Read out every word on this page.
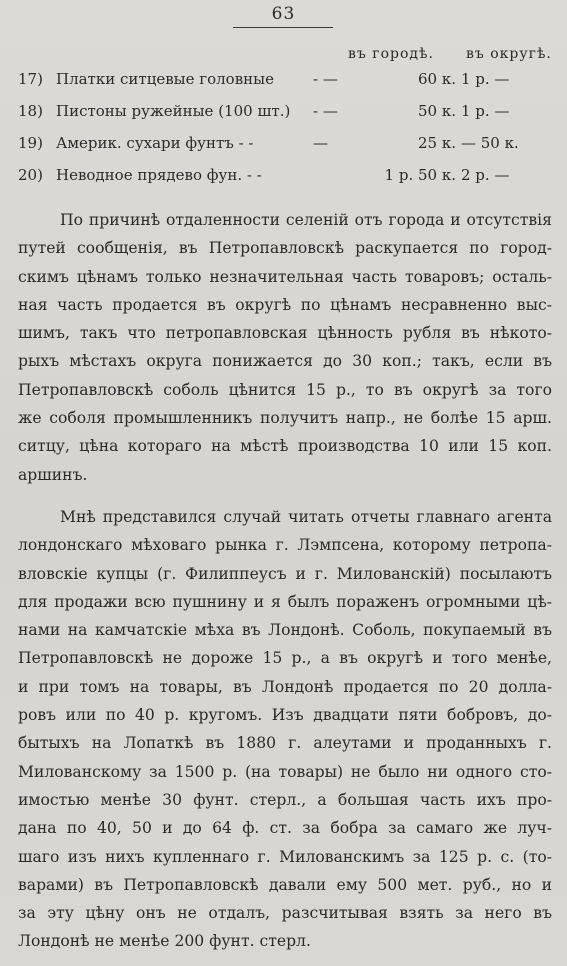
63
въ городѣ. въ округѣ.
17) Платки ситцевые головные	- —	60 к. 1 р. —
18) Пистоны ружейные (100 шт.) - —	50 к. 1 р. —
19) Америк. сухари фунтъ - -	—	25 к. — 50 к.
20) Неводное прядево фун. - -	1 р. 50 к. 2 р. —
По причинѣ отдаленности селеній отъ города и отсутствія
путей сообщенія, въ Петропавловскѣ раскупается по город-
скимъ цѣнамъ только незначительная часть товаровъ; осталь-
ная часть продается въ округѣ по цѣнамъ несравненно выс-
шимъ, такъ что петропавловская цѣнность рубля въ нѣкото-
рыхъ мѣстахъ округа понижается до 30 коп.; такъ, если въ
Петропавловскѣ соболь цѣнится 15 р., то въ округѣ за того
же соболя промышленникъ получитъ напр., не болѣе 15 арш.
ситцу, цѣна котораго на мѣстѣ производства 10 или 15 коп.
аршинъ.
Мнѣ представился случай читать отчеты главнаго агента
лондонскаго мѣховаго рынка г. Лэмпсена, которому петропа-
вловскіе купцы (г. Филиппеусъ и г. Милованскій) посылаютъ
для продажи всю пушнину и я былъ пораженъ огромными цѣ-
нами на камчатскіе мѣха въ Лондонѣ. Соболь, покупаемый въ
Петропавловскѣ не дороже 15 р., а въ округѣ и того менѣе,
и при томъ на товары, въ Лондонѣ продается по 20 долла-
ровъ или по 40 р. кругомъ. Изъ двадцати пяти бобровъ, до-
бытыхъ на Лопаткѣ въ 1880 г. алеутами и проданныхъ г.
Милованскому за 1500 р. (на товары) не было ни одного сто-
имостью менѣе 30 фунт. стерл., а большая часть ихъ про-
дана по 40, 50 и до 64 ф. ст. за бобра за самаго же луч-
шаго изъ нихъ купленнаго г. Милованскимъ за 125 р. с. (то-
варами) въ Петропавловскѣ давали ему 500 мет. руб., но и
за эту цѣну онъ не отдалъ, разсчитывая взять за него въ
Лондонѣ не менѣе 200 фунт. стерл.
